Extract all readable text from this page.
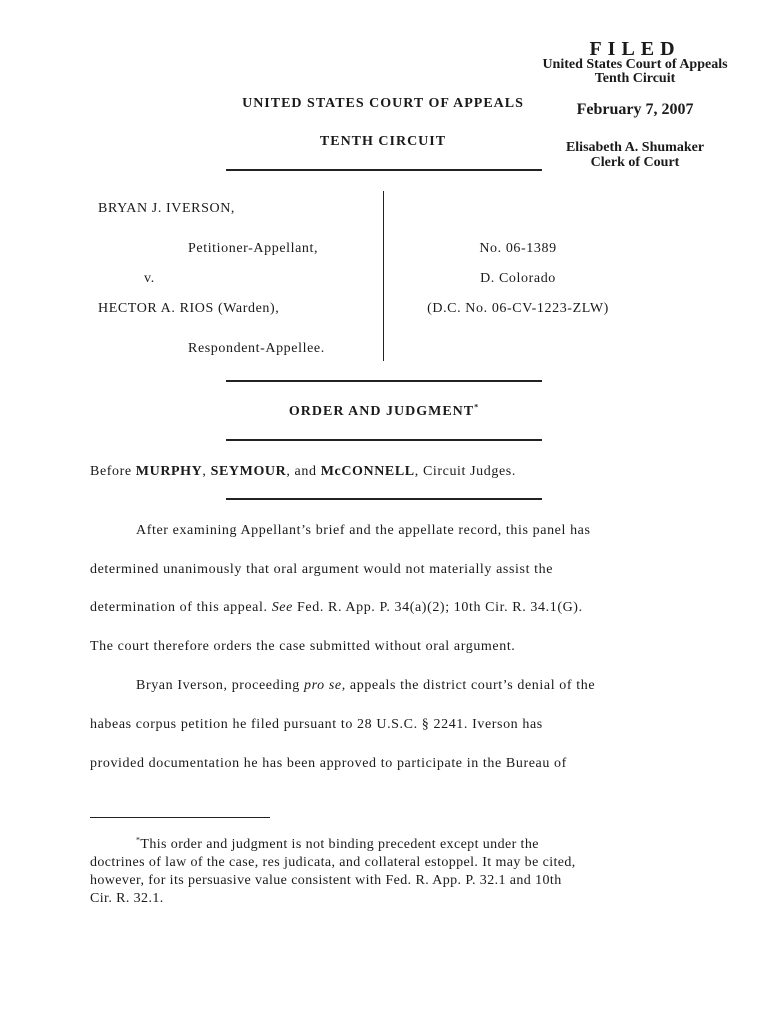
FILED
United States Court of Appeals
Tenth Circuit
February 7, 2007
Elisabeth A. Shumaker
Clerk of Court
UNITED STATES COURT OF APPEALS
TENTH CIRCUIT
BRYAN J. IVERSON,
Petitioner-Appellant,
v.
HECTOR A. RIOS (Warden),
Respondent-Appellee.
No. 06-1389
D. Colorado
(D.C. No. 06-CV-1223-ZLW)
ORDER AND JUDGMENT*
Before MURPHY, SEYMOUR, and McCONNELL, Circuit Judges.
After examining Appellant’s brief and the appellate record, this panel has
determined unanimously that oral argument would not materially assist the
determination of this appeal. See Fed. R. App. P. 34(a)(2); 10th Cir. R. 34.1(G).
The court therefore orders the case submitted without oral argument.
Bryan Iverson, proceeding pro se, appeals the district court’s denial of the
habeas corpus petition he filed pursuant to 28 U.S.C. § 2241. Iverson has
provided documentation he has been approved to participate in the Bureau of
*This order and judgment is not binding precedent except under the
doctrines of law of the case, res judicata, and collateral estoppel. It may be cited,
however, for its persuasive value consistent with Fed. R. App. P. 32.1 and 10th
Cir. R. 32.1.
